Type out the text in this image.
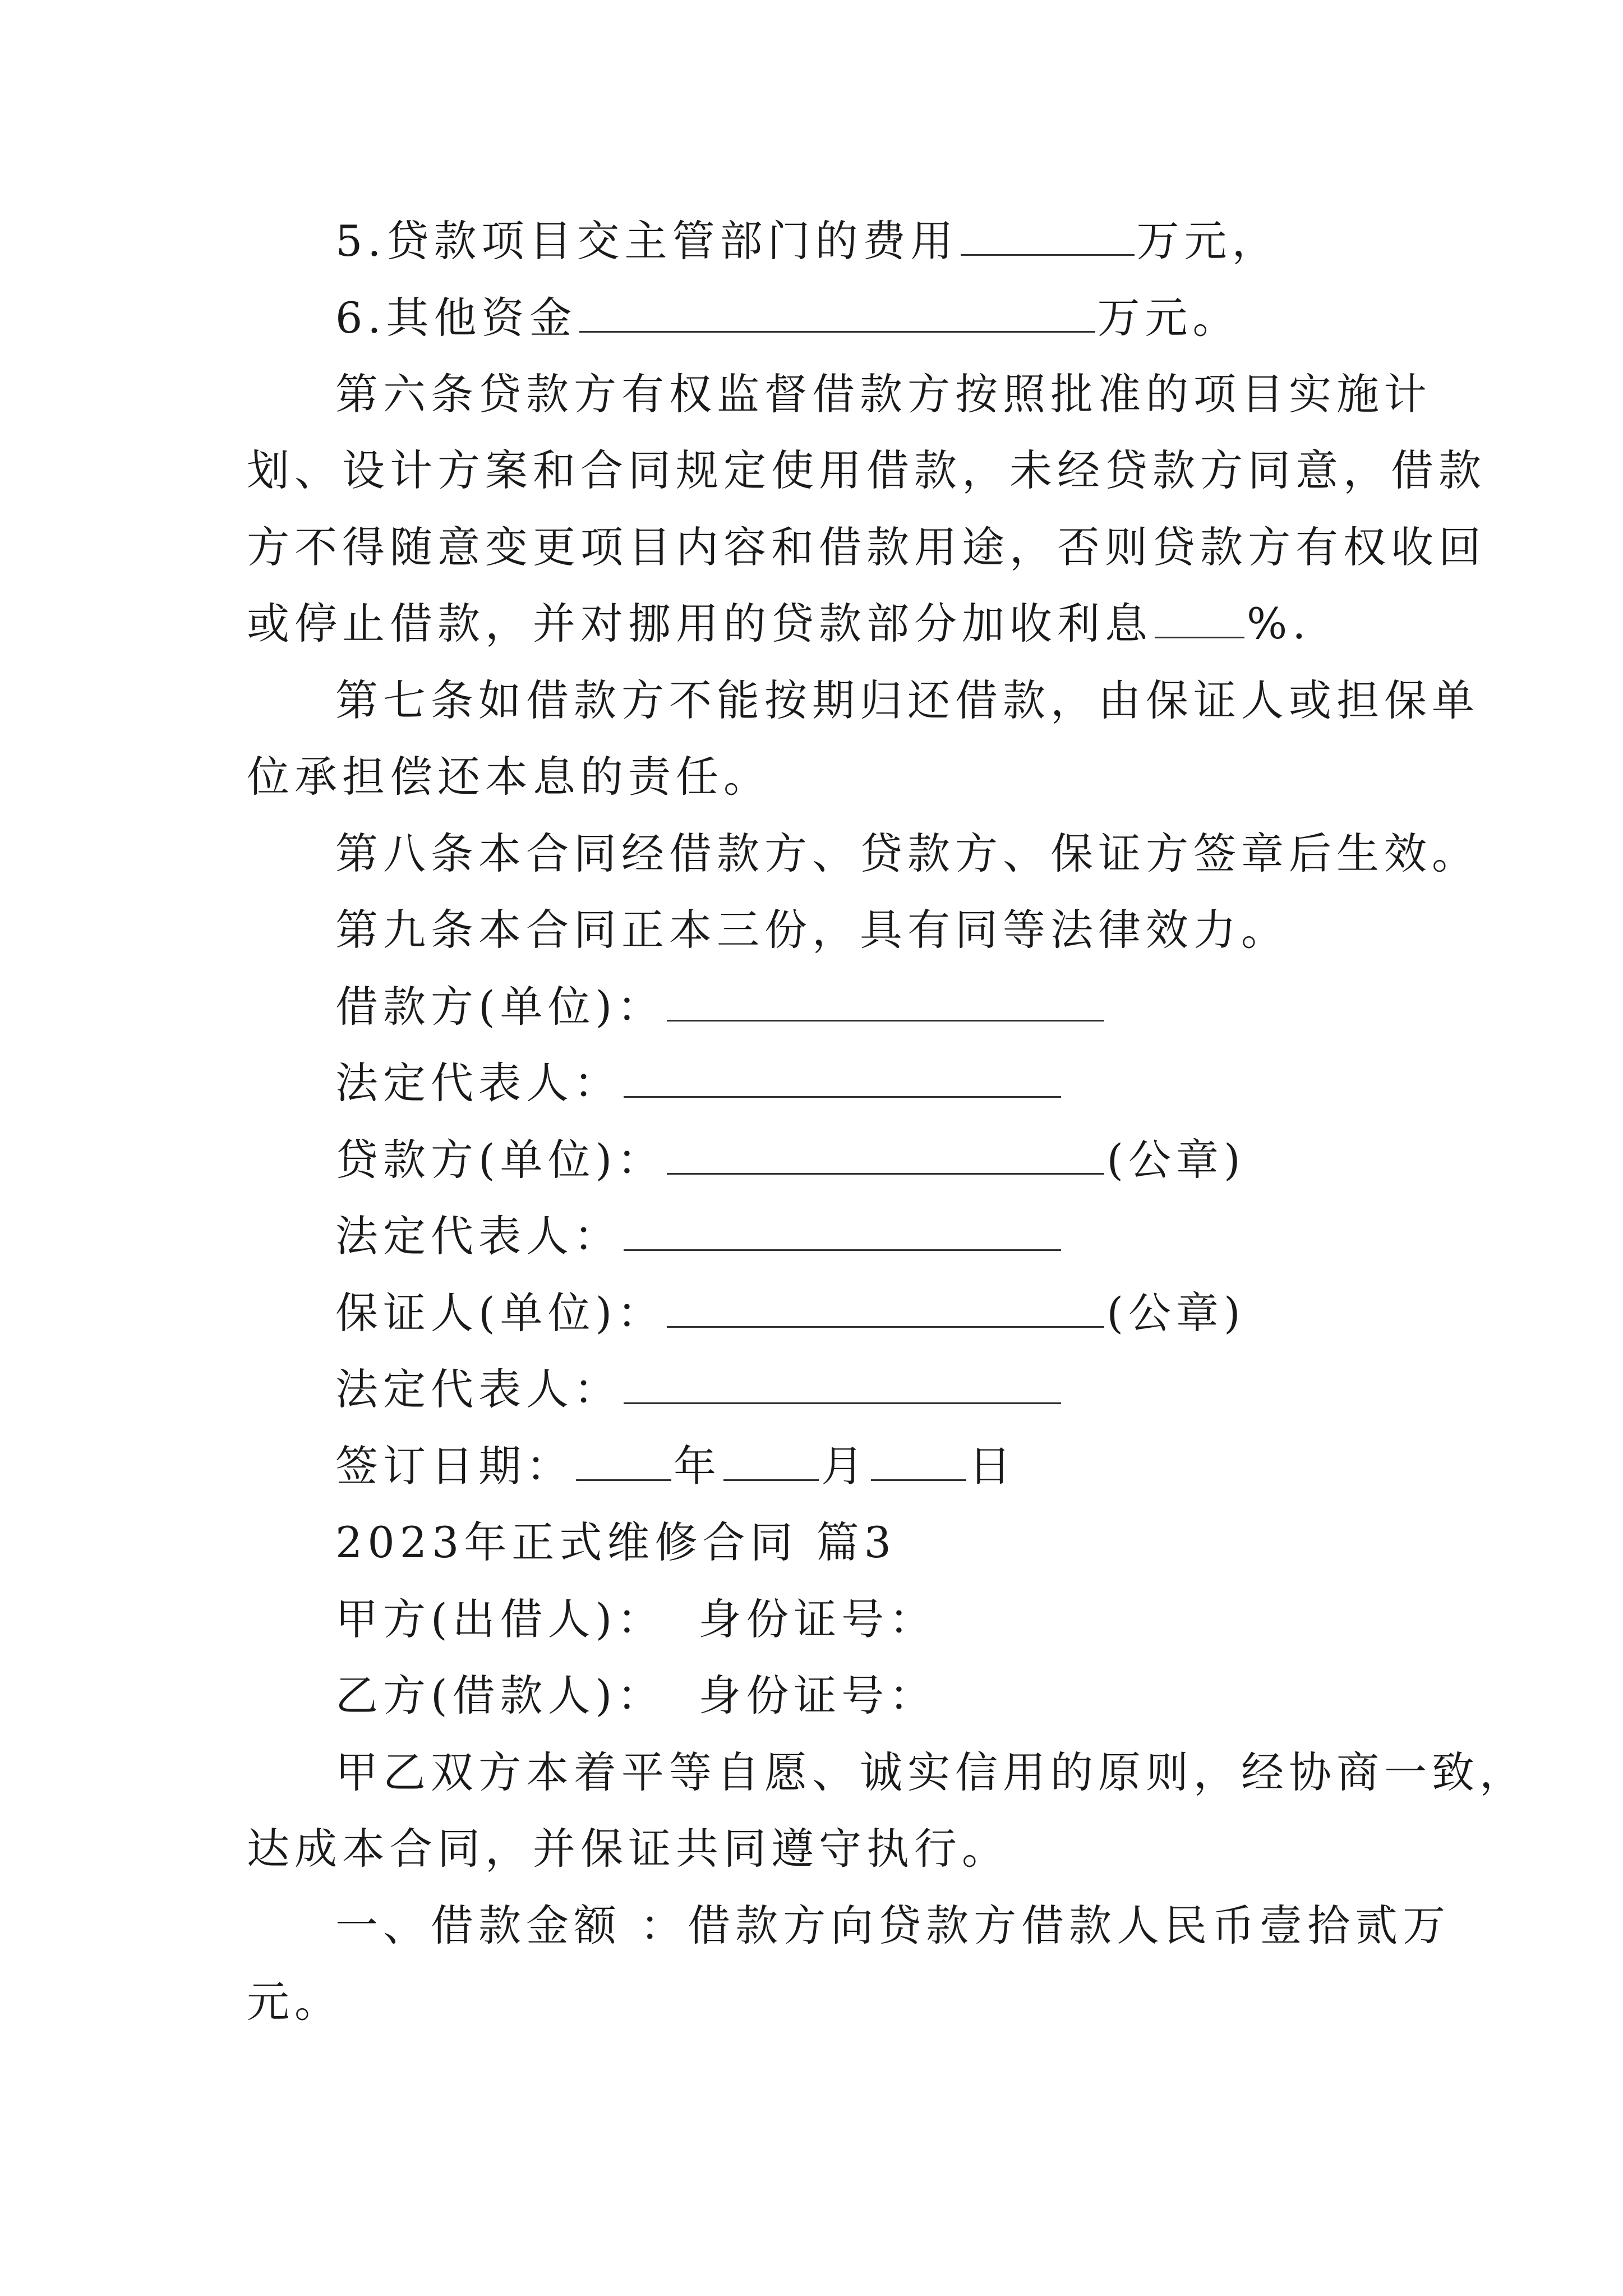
5.贷款项目交主管部门的费用	万元，
6.其他资金	万元。
第六条贷款方有权监督借款方按照批准的项目实施计
划、设计方案和合同规定使用借款，未经贷款方同意，借款
方不得随意变更项目内容和借款用途，否则贷款方有权收回
或停止借款，并对挪用的贷款部分加收利息 %.
第七条如借款方不能按期归还借款，由保证人或担保单
位承担偿还本息的责任。
第八条本合同经借款方、贷款方、保证方签章后生效。
第九条本合同正本三份，具有同等法律效力。
借款方(单位)：
法定代表人：
贷款方(单位)：	(公章)
法定代表人：
保证人(单位)：	(公章)
法定代表人：
签订日期： 年 月 日
2023年正式维修合同 篇3
甲方(出借人)： 身份证号：
乙方(借款人)： 身份证号：
甲乙双方本着平等自愿、诚实信用的原则，经协商一致，
达成本合同，并保证共同遵守执行。
一、借款金额 ：借款方向贷款方借款人民币壹拾贰万
元。
